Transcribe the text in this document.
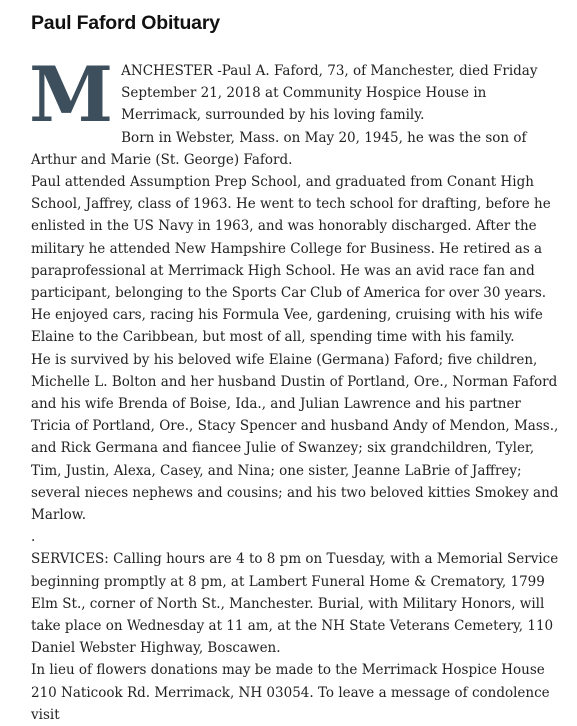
Paul Faford Obituary

MANCHESTER -Paul A. Faford, 73, of Manchester, died Friday September 21, 2018 at Community Hospice House in Merrimack, surrounded by his loving family.

Born in Webster, Mass. on May 20, 1945, he was the son of Arthur and Marie (St. George) Faford.

Paul attended Assumption Prep School, and graduated from Conant High School, Jaffrey, class of 1963. He went to tech school for drafting, before he enlisted in the US Navy in 1963, and was honorably discharged. After the military he attended New Hampshire College for Business. He retired as a paraprofessional at Merrimack High School. He was an avid race fan and participant, belonging to the Sports Car Club of America for over 30 years. He enjoyed cars, racing his Formula Vee, gardening, cruising with his wife Elaine to the Caribbean, but most of all, spending time with his family.

He is survived by his beloved wife Elaine (Germana) Faford; five children, Michelle L. Bolton and her husband Dustin of Portland, Ore., Norman Faford and his wife Brenda of Boise, Ida., and Julian Lawrence and his partner Tricia of Portland, Ore., Stacy Spencer and husband Andy of Mendon, Mass., and Rick Germana and fiancee Julie of Swanzey; six grandchildren, Tyler, Tim, Justin, Alexa, Casey, and Nina; one sister, Jeanne LaBrie of Jaffrey; several nieces nephews and cousins; and his two beloved kitties Smokey and Marlow.

.

SERVICES: Calling hours are 4 to 8 pm on Tuesday, with a Memorial Service beginning promptly at 8 pm, at Lambert Funeral Home & Crematory, 1799 Elm St., corner of North St., Manchester. Burial, with Military Honors, will take place on Wednesday at 11 am, at the NH State Veterans Cemetery, 110 Daniel Webster Highway, Boscawen.

In lieu of flowers donations may be made to the Merrimack Hospice House 210 Naticook Rd. Merrimack, NH 03054. To leave a message of condolence visit
